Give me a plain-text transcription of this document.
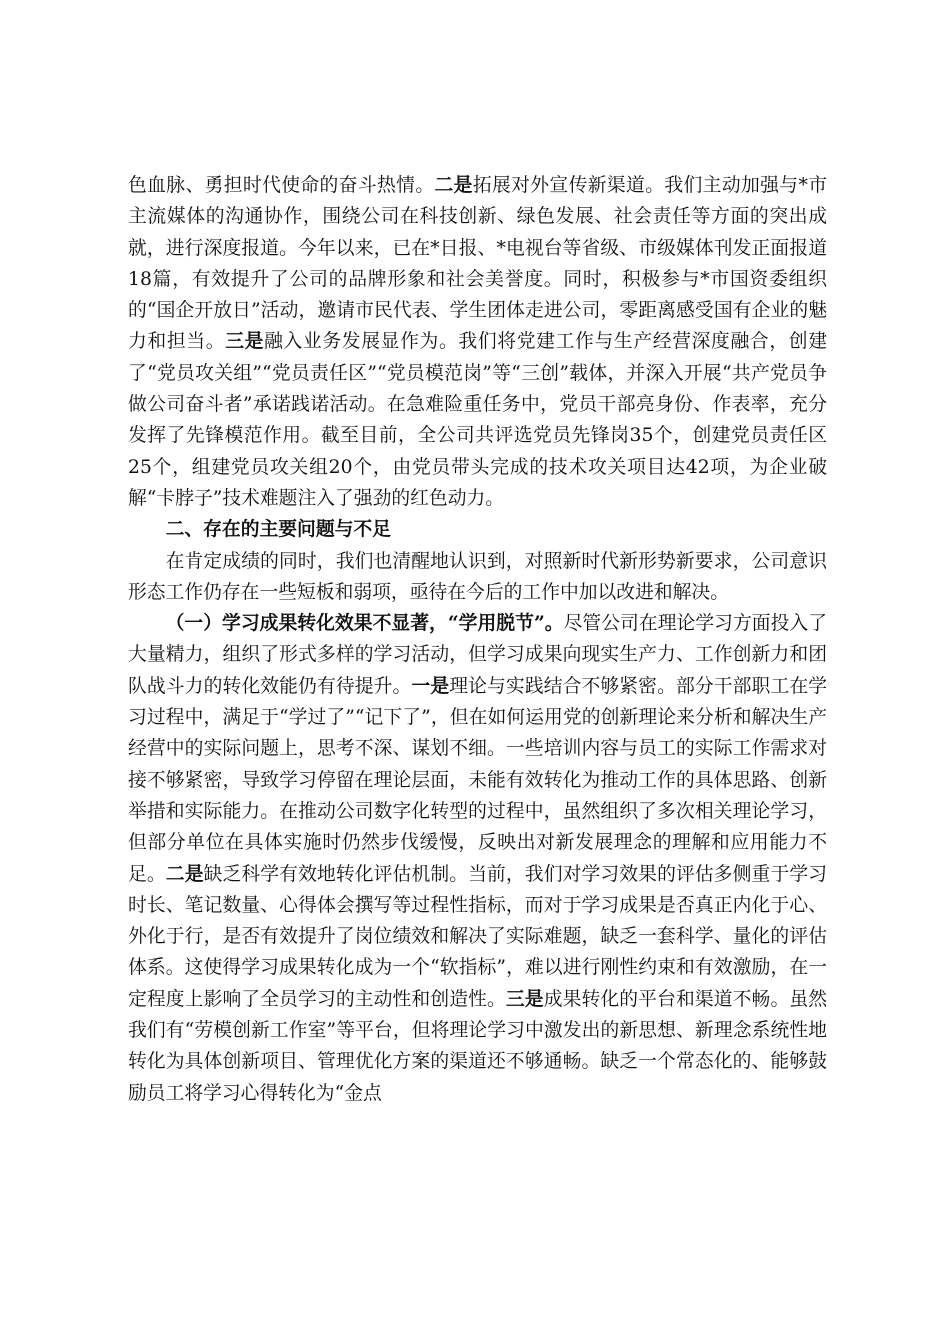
色血脉、勇担时代使命的奋斗热情。二是拓展对外宣传新渠道。我们主动加强与*市主流媒体的沟通协作，围绕公司在科技创新、绿色发展、社会责任等方面的突出成就，进行深度报道。今年以来，已在*日报、*电视台等省级、市级媒体刊发正面报道18篇，有效提升了公司的品牌形象和社会美誉度。同时，积极参与*市国资委组织的“国企开放日”活动，邀请市民代表、学生团体走进公司，零距离感受国有企业的魅力和担当。三是融入业务发展显作为。我们将党建工作与生产经营深度融合，创建了“党员攻关组”“党员责任区”“党员模范岗”等“三创”载体，并深入开展“共产党员争做公司奋斗者”承诺践诺活动。在急难险重任务中，党员干部亮身份、作表率，充分发挥了先锋模范作用。截至目前，全公司共评选党员先锋岗35个，创建党员责任区25个，组建党员攻关组20个，由党员带头完成的技术攻关项目达42项，为企业破解“卡脖子”技术难题注入了强劲的红色动力。

二、存在的主要问题与不足

在肯定成绩的同时，我们也清醒地认识到，对照新时代新形势新要求，公司意识形态工作仍存在一些短板和弱项，亟待在今后的工作中加以改进和解决。

（一）学习成果转化效果不显著，“学用脱节”。尽管公司在理论学习方面投入了大量精力，组织了形式多样的学习活动，但学习成果向现实生产力、工作创新力和团队战斗力的转化效能仍有待提升。一是理论与实践结合不够紧密。部分干部职工在学习过程中，满足于“学过了”“记下了”，但在如何运用党的创新理论来分析和解决生产经营中的实际问题上，思考不深、谋划不细。一些培训内容与员工的实际工作需求对接不够紧密，导致学习停留在理论层面，未能有效转化为推动工作的具体思路、创新举措和实际能力。在推动公司数字化转型的过程中，虽然组织了多次相关理论学习，但部分单位在具体实施时仍然步伐缓慢，反映出对新发展理念的理解和应用能力不足。二是缺乏科学有效地转化评估机制。当前，我们对学习效果的评估多侧重于学习时长、笔记数量、心得体会撰写等过程性指标，而对于学习成果是否真正内化于心、外化于行，是否有效提升了岗位绩效和解决了实际难题，缺乏一套科学、量化的评估体系。这使得学习成果转化成为一个“软指标”，难以进行刚性约束和有效激励，在一定程度上影响了全员学习的主动性和创造性。三是成果转化的平台和渠道不畅。虽然我们有“劳模创新工作室”等平台，但将理论学习中激发出的新思想、新理念系统性地转化为具体创新项目、管理优化方案的渠道还不够通畅。缺乏一个常态化的、能够鼓励员工将学习心得转化为“金点
